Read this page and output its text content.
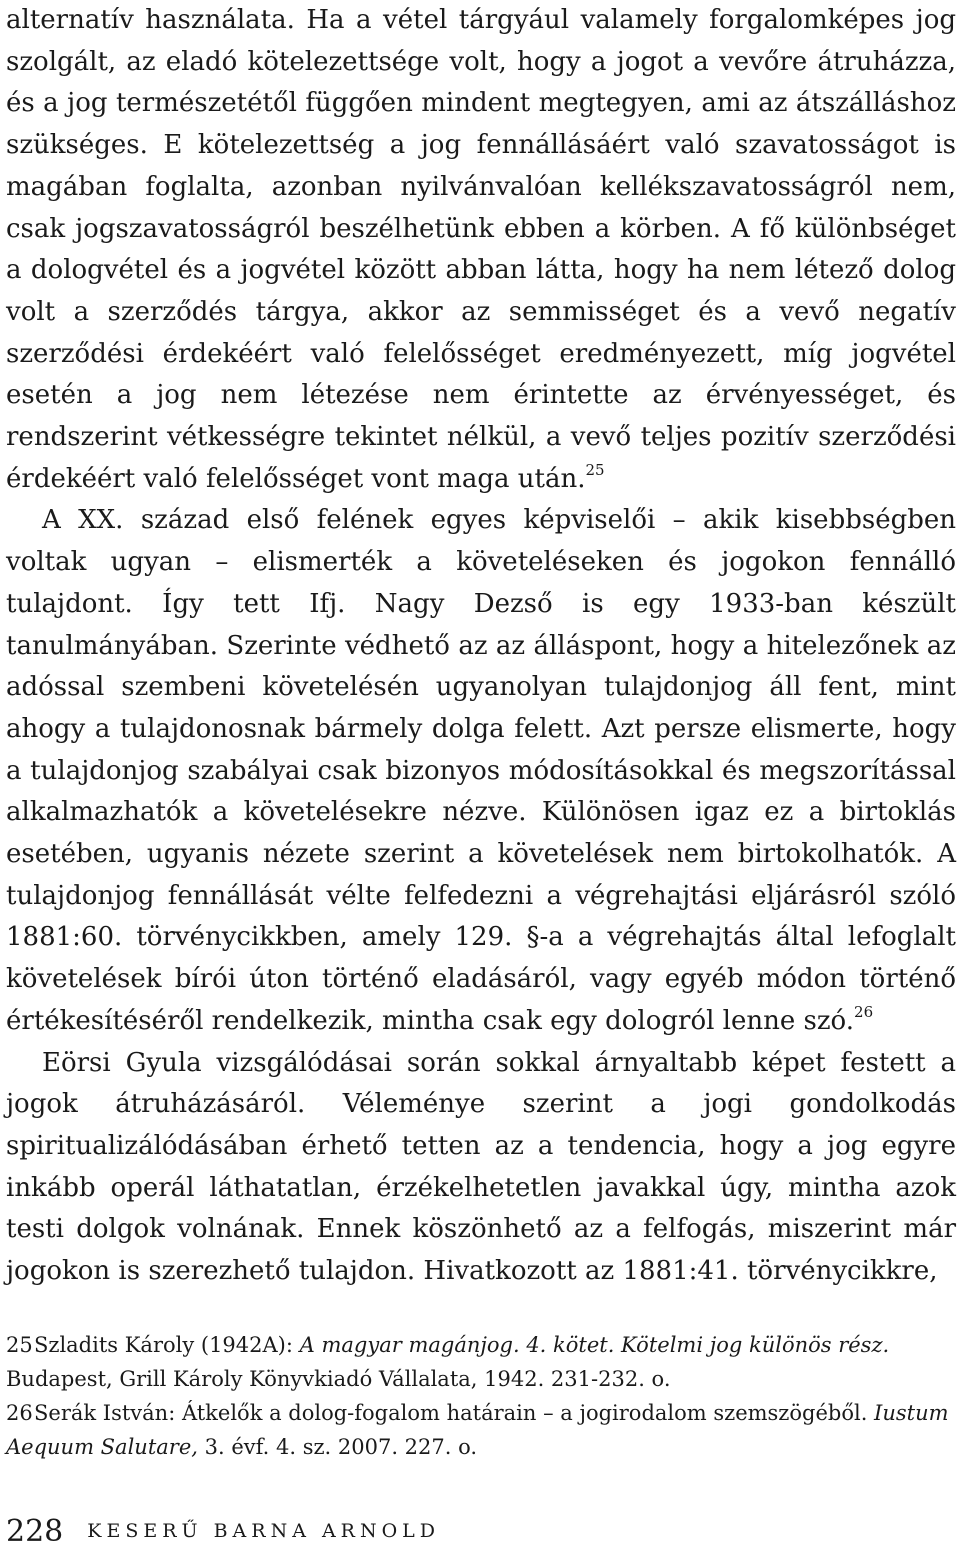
alternatív használata. Ha a vétel tárgyául valamely forgalomképes jog szolgált, az eladó kötelezettsége volt, hogy a jogot a vevőre átruházza, és a jog természetétől függően mindent megtegyen, ami az átszálláshoz szükséges. E kötelezettség a jog fennállásáért való szavatosságot is magában foglalta, azonban nyilvánvalóan kellékszavatosságról nem, csak jogszavatosságról beszélhetünk ebben a körben. A fő különbséget a dologvétel és a jogvétel között abban látta, hogy ha nem létező dolog volt a szerződés tárgya, akkor az semmisséget és a vevő negatív szerződési érdekéért való felelősséget eredményezett, míg jogvétel esetén a jog nem létezése nem érintette az érvényességet, és rendszerint vétkességre tekintet nélkül, a vevő teljes pozitív szerződési érdekéért való felelősséget vont maga után.$^{25}$

A XX. század első felének egyes képviselői – akik kisebbségben voltak ugyan – elismerték a követeléseken és jogokon fennálló tulajdont. Így tett Ifj. Nagy Dezső is egy 1933-ban készült tanulmányában. Szerinte védhető az az álláspont, hogy a hitelezőnek az adóssal szembeni követelésén ugyanolyan tulajdonjog áll fent, mint ahogy a tulajdonosnak bármely dolga felett. Azt persze elismerte, hogy a tulajdonjog szabályai csak bizonyos módosításokkal és megszorítással alkalmazhatók a követelésekre nézve. Különösen igaz ez a birtoklás esetében, ugyanis nézete szerint a követelések nem birtokolhatók. A tulajdonjog fennállását vélte felfedezni a végrehajtási eljárásról szóló 1881:60. törvénycikkben, amely 129. §-a a végrehajtás által lefoglalt követelések bírói úton történő eladásáról, vagy egyéb módon történő értékesítéséről rendelkezik, mintha csak egy dologról lenne szó.$^{26}$

Eörsi Gyula vizsgálódásai során sokkal árnyaltabb képet festett a jogok átruházásáról. Véleménye szerint a jogi gondolkodás spiritualizálódásában érhető tetten az a tendencia, hogy a jog egyre inkább operál láthatatlan, érzékelhetetlen javakkal úgy, mintha azok testi dolgok volnának. Ennek köszönhető az a felfogás, miszerint már jogokon is szerezhető tulajdon. Hivatkozott az 1881:41. törvénycikkre,

25Szladits Károly (1942A): A magyar magánjog. 4. kötet. Kötelmi jog különös rész. Budapest, Grill Károly Könyvkiadó Vállalata, 1942. 231-232. o.

26Serák István: Átkelők a dolog-fogalom határain – a jogirodalom szemszögéből. Iustum Aequum Salutare, 3. évf. 4. sz. 2007. 227. o.

228 KESERŰ BARNA ARNOLD
